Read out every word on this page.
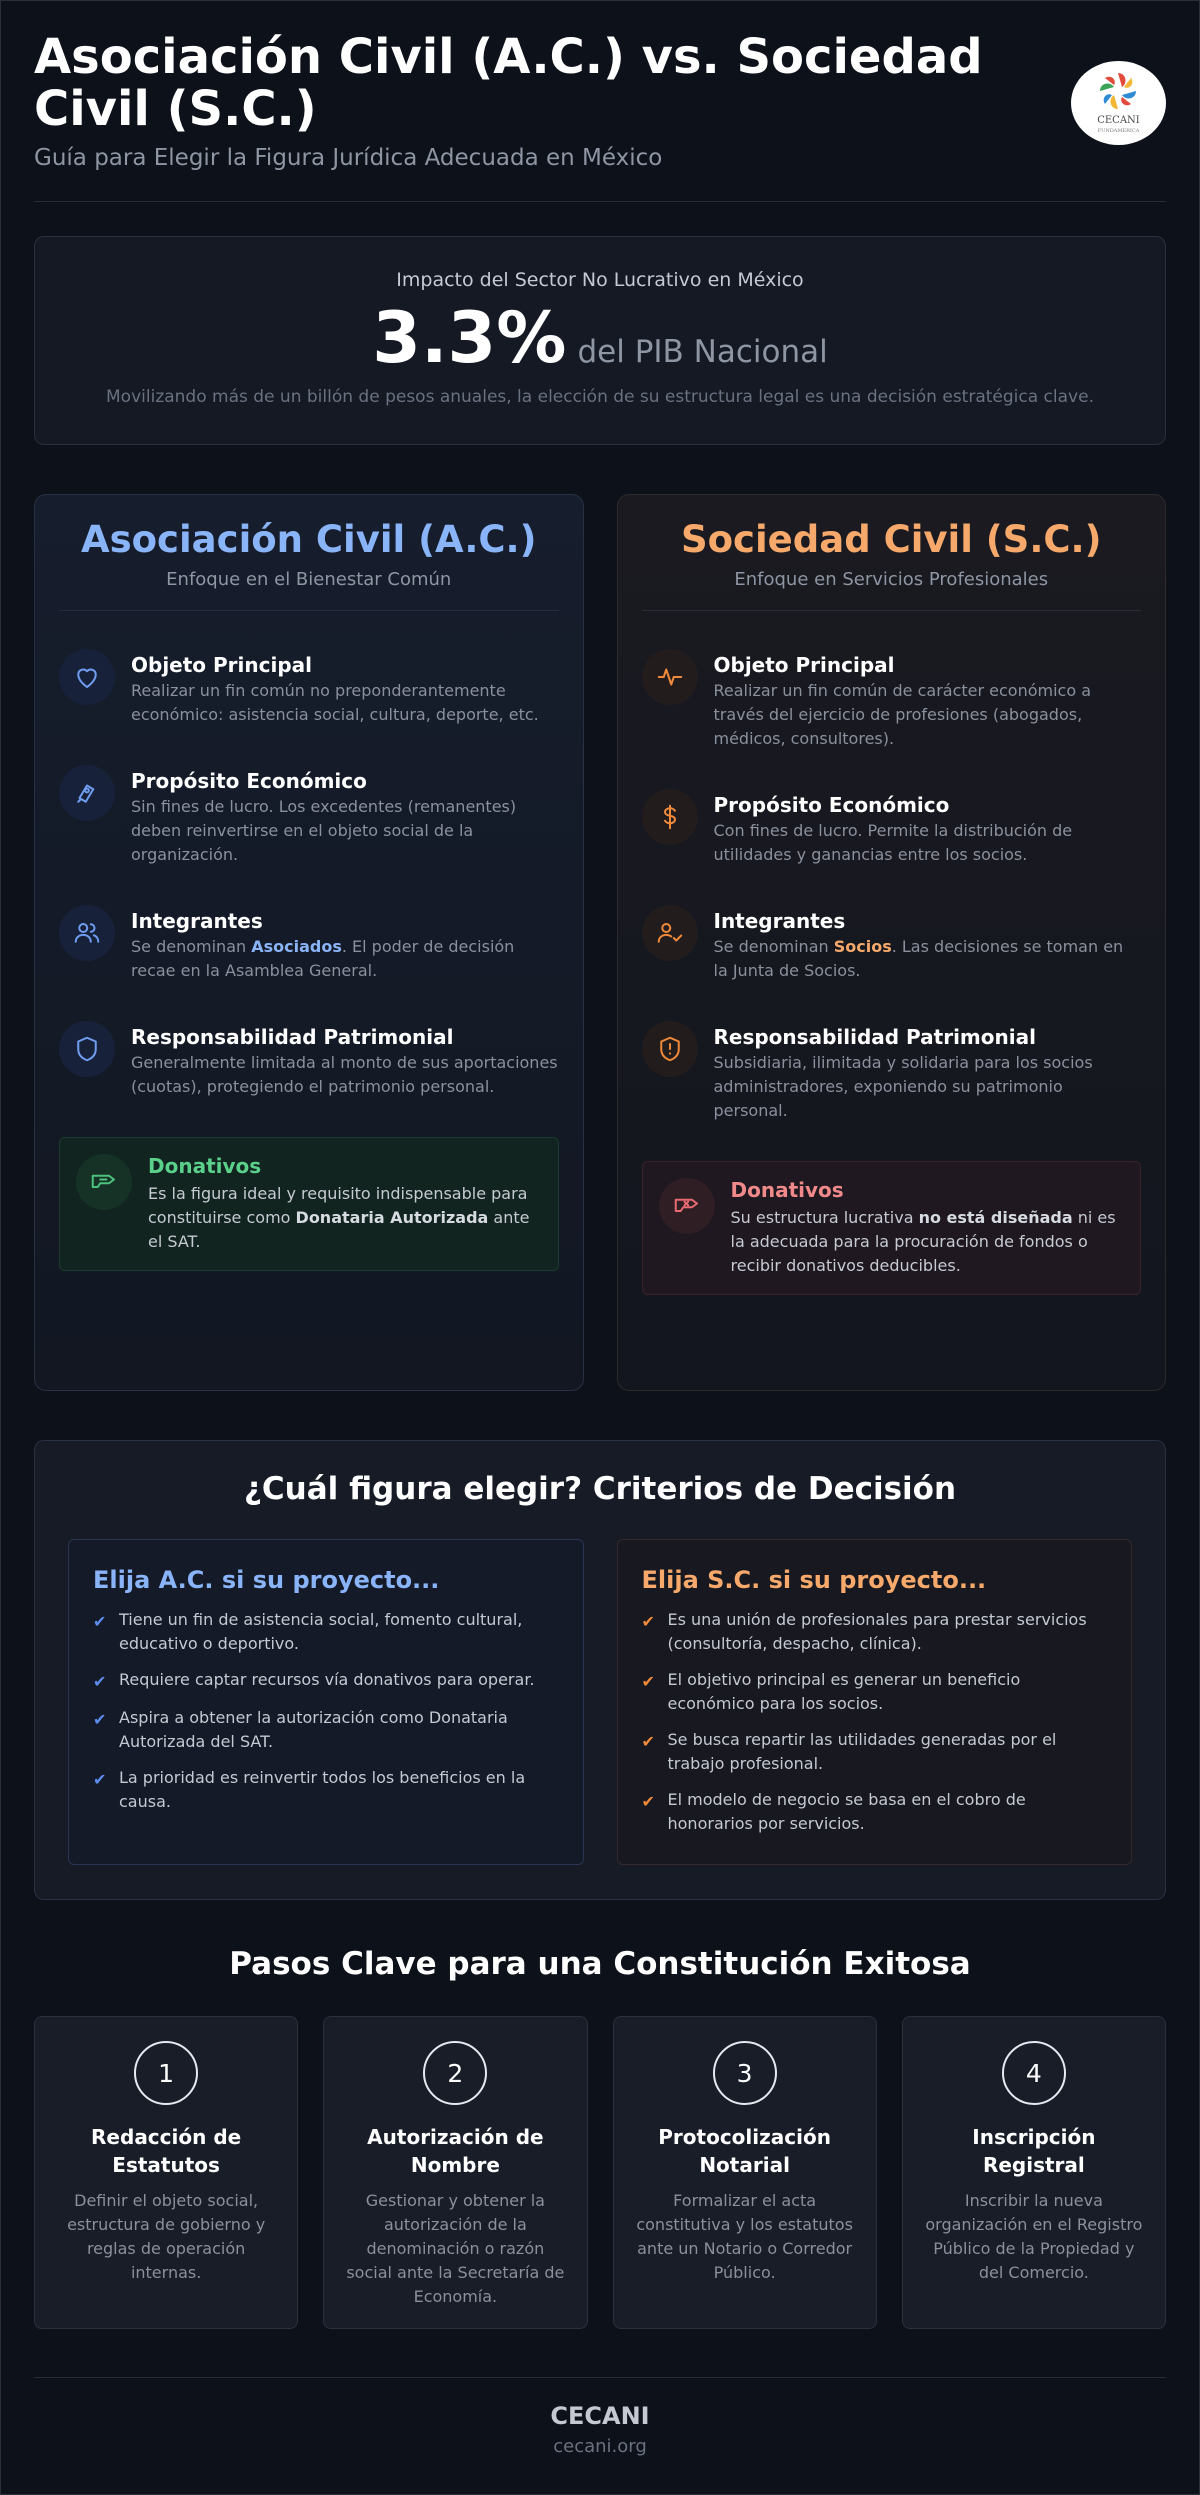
Asociación Civil (A.C.) vs. Sociedad Civil (S.C.)
Guía para Elegir la Figura Jurídica Adecuada en México
CECANI
FUNDAMERICA
Impacto del Sector No Lucrativo en México
3.3% del PIB Nacional
Movilizando más de un billón de pesos anuales, la elección de su estructura legal es una decisión estratégica clave.
Asociación Civil (A.C.)
Enfoque en el Bienestar Común
Objeto Principal
Realizar un fin común no preponderantemente económico: asistencia social, cultura, deporte, etc.
Propósito Económico
Sin fines de lucro. Los excedentes (remanentes) deben reinvertirse en el objeto social de la organización.
Integrantes
Se denominan Asociados. El poder de decisión recae en la Asamblea General.
Responsabilidad Patrimonial
Generalmente limitada al monto de sus aportaciones (cuotas), protegiendo el patrimonio personal.
Donativos
Es la figura ideal y requisito indispensable para constituirse como Donataria Autorizada ante el SAT.
Sociedad Civil (S.C.)
Enfoque en Servicios Profesionales
Objeto Principal
Realizar un fin común de carácter económico a través del ejercicio de profesiones (abogados, médicos, consultores).
Propósito Económico
Con fines de lucro. Permite la distribución de utilidades y ganancias entre los socios.
Integrantes
Se denominan Socios. Las decisiones se toman en la Junta de Socios.
Responsabilidad Patrimonial
Subsidiaria, ilimitada y solidaria para los socios administradores, exponiendo su patrimonio personal.
Donativos
Su estructura lucrativa no está diseñada ni es la adecuada para la procuración de fondos o recibir donativos deducibles.
¿Cuál figura elegir? Criterios de Decisión
Elija A.C. si su proyecto...
✔ Tiene un fin de asistencia social, fomento cultural, educativo o deportivo.
✔ Requiere captar recursos vía donativos para operar.
✔ Aspira a obtener la autorización como Donataria Autorizada del SAT.
✔ La prioridad es reinvertir todos los beneficios en la causa.
Elija S.C. si su proyecto...
✔ Es una unión de profesionales para prestar servicios (consultoría, despacho, clínica).
✔ El objetivo principal es generar un beneficio económico para los socios.
✔ Se busca repartir las utilidades generadas por el trabajo profesional.
✔ El modelo de negocio se basa en el cobro de honorarios por servicios.
Pasos Clave para una Constitución Exitosa
1
Redacción de Estatutos
Definir el objeto social, estructura de gobierno y reglas de operación internas.
2
Autorización de Nombre
Gestionar y obtener la autorización de la denominación o razón social ante la Secretaría de Economía.
3
Protocolización Notarial
Formalizar el acta constitutiva y los estatutos ante un Notario o Corredor Público.
4
Inscripción Registral
Inscribir la nueva organización en el Registro Público de la Propiedad y del Comercio.
CECANI
cecani.org
